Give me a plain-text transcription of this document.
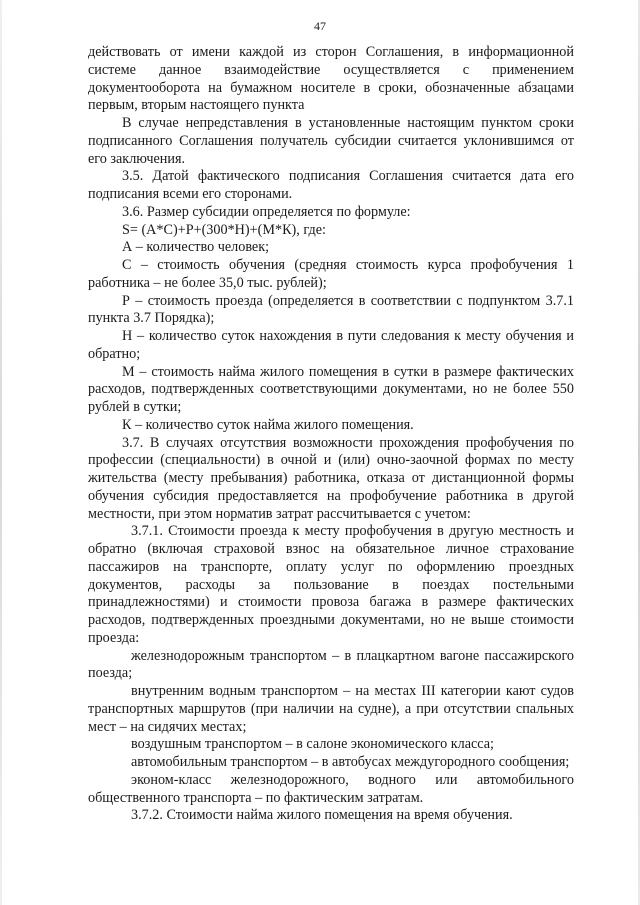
47

действовать от имени каждой из сторон Соглашения, в информационной системе данное взаимодействие осуществляется с применением документооборота на бумажном носителе в сроки, обозначенные абзацами первым, вторым настоящего пункта

В случае непредставления в установленные настоящим пунктом сроки подписанного Соглашения получатель субсидии считается уклонившимся от его заключения.

3.5. Датой фактического подписания Соглашения считается дата его подписания всеми его сторонами.

3.6. Размер субсидии определяется по формуле:

S= (А*С)+Р+(300*Н)+(М*К), где:

А – количество человек;

С – стоимость обучения (средняя стоимость курса профобучения 1 работника – не более 35,0 тыс. рублей);

Р – стоимость проезда (определяется в соответствии с подпунктом 3.7.1 пункта 3.7 Порядка);

Н – количество суток нахождения в пути следования к месту обучения и обратно;

М – стоимость найма жилого помещения в сутки в размере фактических расходов, подтвержденных соответствующими документами, но не более 550 рублей в сутки;

К – количество суток найма жилого помещения.

3.7. В случаях отсутствия возможности прохождения профобучения по профессии (специальности) в очной и (или) очно-заочной формах по месту жительства (месту пребывания) работника, отказа от дистанционной формы обучения субсидия предоставляется на профобучение работника в другой местности, при этом норматив затрат рассчитывается с учетом:

3.7.1. Стоимости проезда к месту профобучения в другую местность и обратно (включая страховой взнос на обязательное личное страхование пассажиров на транспорте, оплату услуг по оформлению проездных документов, расходы за пользование в поездах постельными принадлежностями) и стоимости провоза багажа в размере фактических расходов, подтвержденных проездными документами, но не выше стоимости проезда:

железнодорожным транспортом – в плацкартном вагоне пассажирского поезда;

внутренним водным транспортом – на местах III категории кают судов транспортных маршрутов (при наличии на судне), а при отсутствии спальных мест – на сидячих местах;

воздушным транспортом – в салоне экономического класса;

автомобильным транспортом – в автобусах междугородного сообщения;

эконом-класс железнодорожного, водного или автомобильного общественного транспорта – по фактическим затратам.

3.7.2. Стоимости найма жилого помещения на время обучения.
